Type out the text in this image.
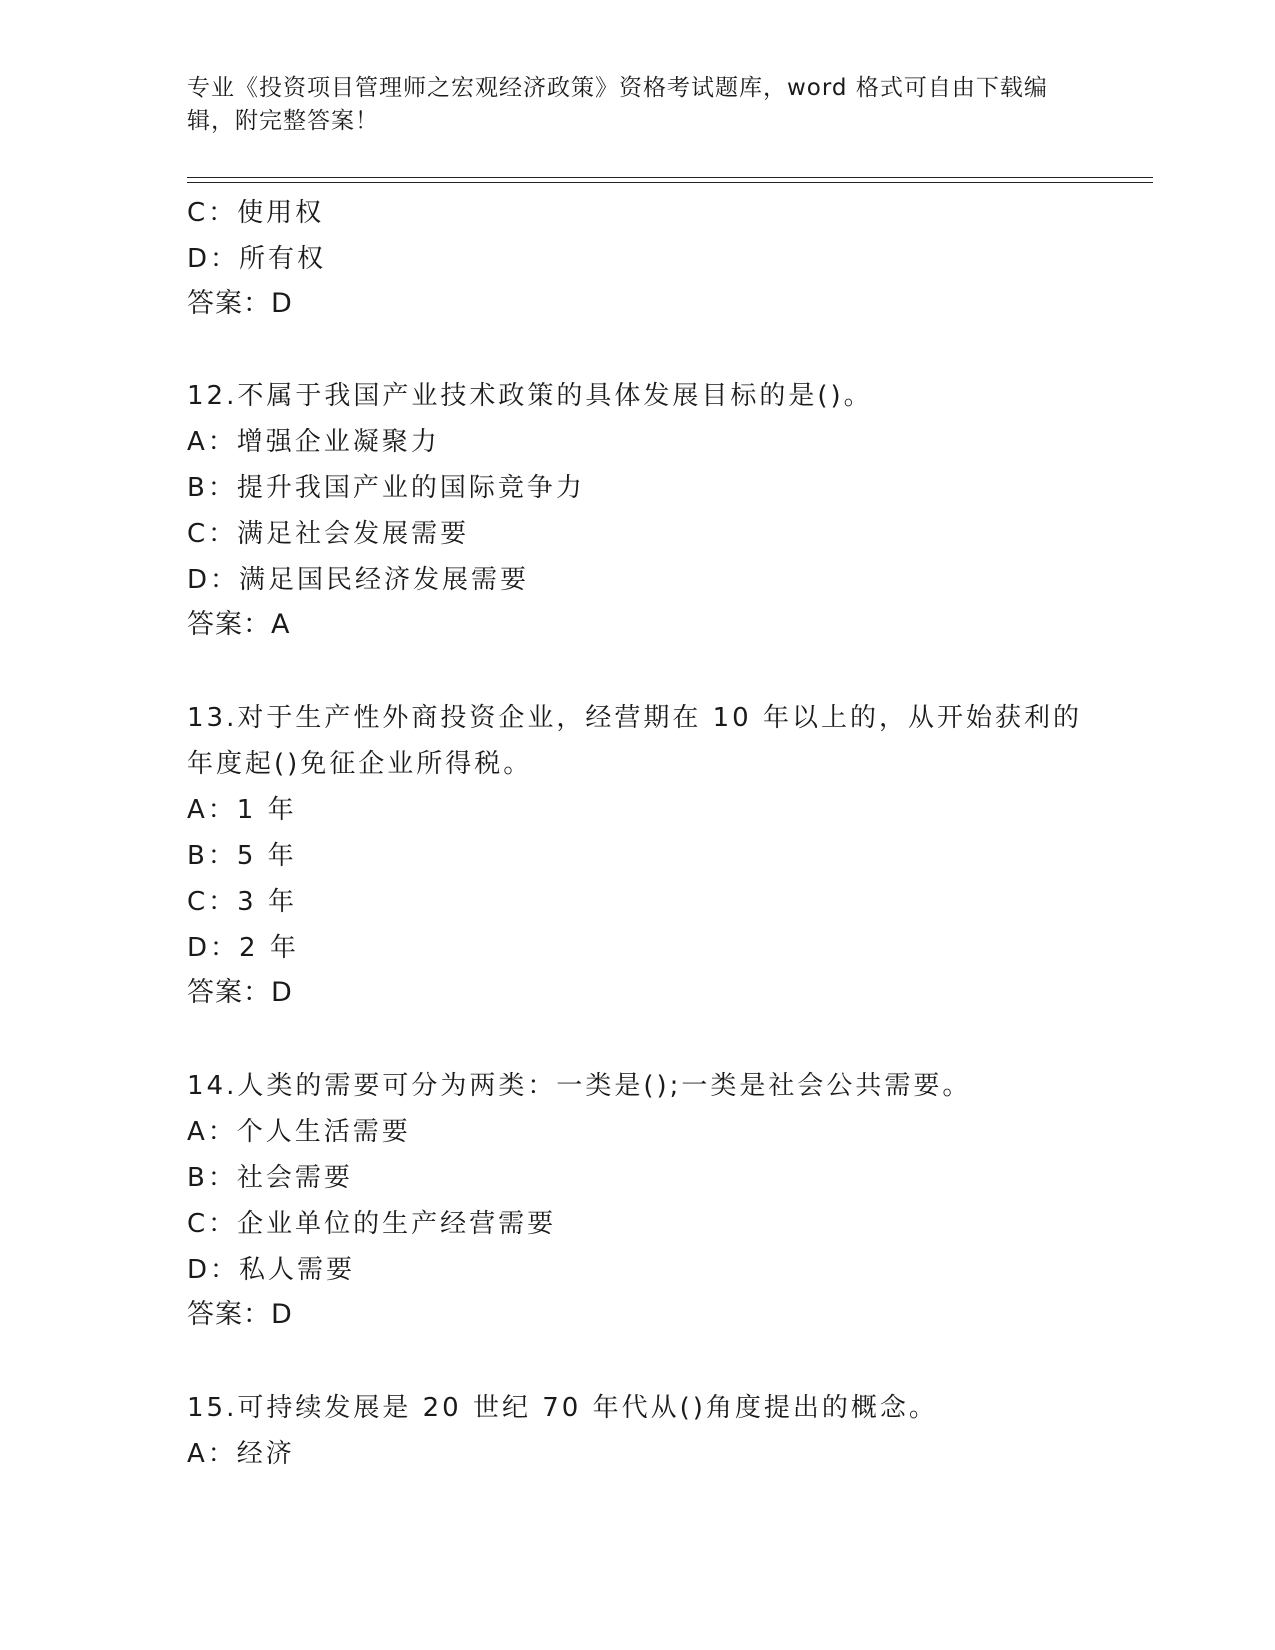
专业《投资项目管理师之宏观经济政策》资格考试题库，word 格式可自由下载编
辑，附完整答案！
C：使用权
D：所有权
答案：D
12.不属于我国产业技术政策的具体发展目标的是()。
A：增强企业凝聚力
B：提升我国产业的国际竞争力
C：满足社会发展需要
D：满足国民经济发展需要
答案：A
13.对于生产性外商投资企业，经营期在 10 年以上的，从开始获利的
年度起()免征企业所得税。
A：1 年
B：5 年
C：3 年
D：2 年
答案：D
14.人类的需要可分为两类：一类是();一类是社会公共需要。
A：个人生活需要
B：社会需要
C：企业单位的生产经营需要
D：私人需要
答案：D
15.可持续发展是 20 世纪 70 年代从()角度提出的概念。
A：经济
